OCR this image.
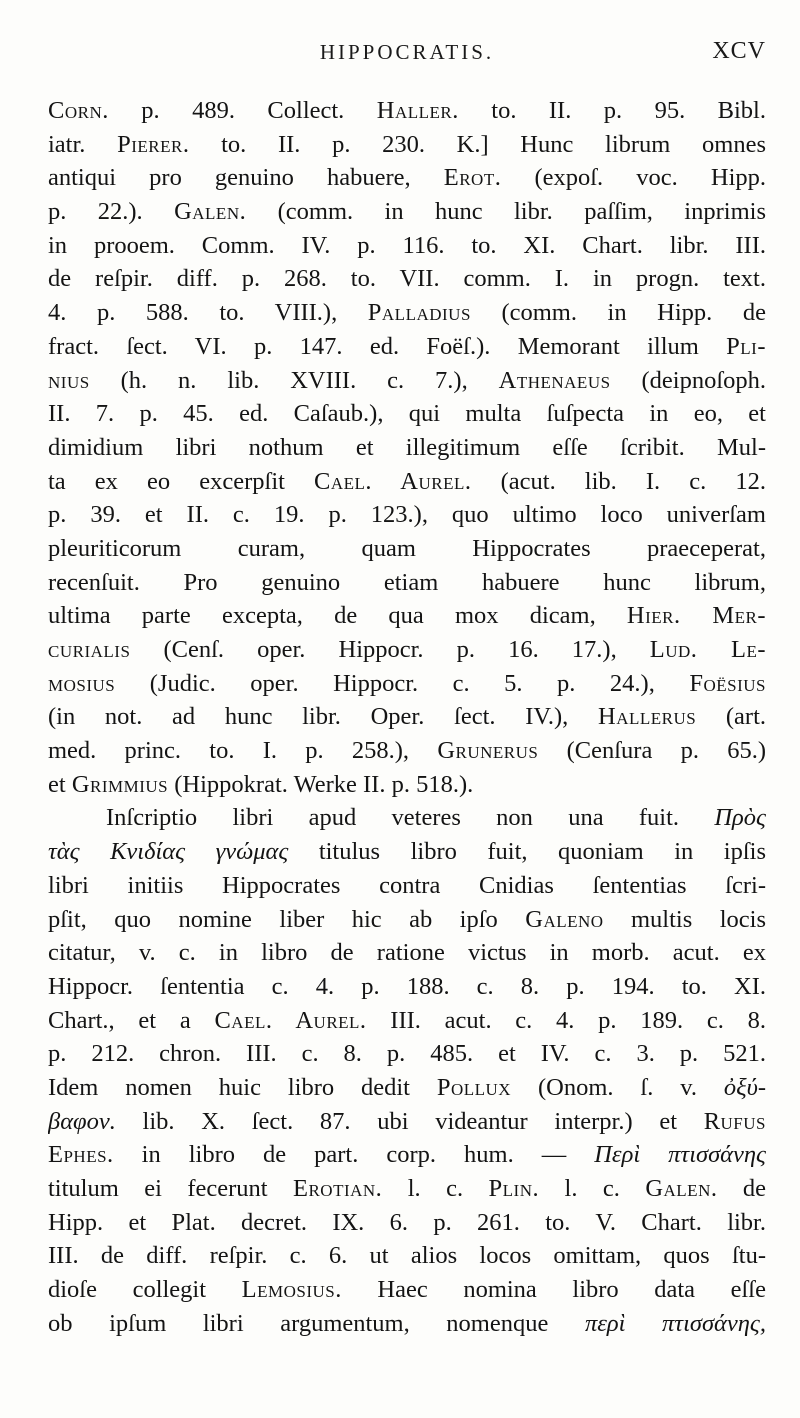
HIPPOCRATIS.	XCV
Corn. p. 489. Collect. Haller. to. II. p. 95. Bibl.
iatr. Pierer. to. II. p. 230. K.] Hunc librum omnes
antiqui pro genuino habuere, Erot. (expoſ. voc. Hipp.
p. 22.). Galen. (comm. in hunc libr. paſſim, inprimis
in prooem. Comm. IV. p. 116. to. XI. Chart. libr. III.
de reſpir. diff. p. 268. to. VII. comm. I. in progn. text.
4. p. 588. to. VIII.), Palladius (comm. in Hipp. de
fract. ſect. VI. p. 147. ed. Foëſ.). Memorant illum Pli-
nius (h. n. lib. XVIII. c. 7.), Athenaeus (deipnoſoph.
II. 7. p. 45. ed. Caſaub.), qui multa ſuſpecta in eo, et
dimidium libri nothum et illegitimum eſſe ſcribit. Mul-
ta ex eo excerpſit Cael. Aurel. (acut. lib. I. c. 12.
p. 39. et II. c. 19. p. 123.), quo ultimo loco univerſam
pleuriticorum curam, quam Hippocrates praeceperat,
recenſuit. Pro genuino etiam habuere hunc librum,
ultima parte excepta, de qua mox dicam, Hier. Mer-
curialis (Cenſ. oper. Hippocr. p. 16. 17.), Lud. Le-
mosius (Judic. oper. Hippocr. c. 5. p. 24.), Foësius
(in not. ad hunc libr. Oper. ſect. IV.), Hallerus (art.
med. princ. to. I. p. 258.), Grunerus (Cenſura p. 65.)
et Grimmius (Hippokrat. Werke II. p. 518.).
Inſcriptio libri apud veteres non una fuit. Πρὸς
τὰς Κνιδίας γνώμας titulus libro fuit, quoniam in ipſis
libri initiis Hippocrates contra Cnidias ſententias ſcri-
pſit, quo nomine liber hic ab ipſo Galeno multis locis
citatur, v. c. in libro de ratione victus in morb. acut. ex
Hippocr. ſententia c. 4. p. 188. c. 8. p. 194. to. XI.
Chart., et a Cael. Aurel. III. acut. c. 4. p. 189. c. 8.
p. 212. chron. III. c. 8. p. 485. et IV. c. 3. p. 521.
Idem nomen huic libro dedit Pollux (Onom. ſ. v. ὀξύ-
βαφον. lib. X. ſect. 87. ubi videantur interpr.) et Rufus
Ephes. in libro de part. corp. hum. — Περὶ πτισσάνης
titulum ei fecerunt Erotian. l. c. Plin. l. c. Galen. de
Hipp. et Plat. decret. IX. 6. p. 261. to. V. Chart. libr.
III. de diff. reſpir. c. 6. ut alios locos omittam, quos ſtu-
dioſe collegit Lemosius. Haec nomina libro data eſſe
ob ipſum libri argumentum, nomenque περὶ πτισσάνης,
